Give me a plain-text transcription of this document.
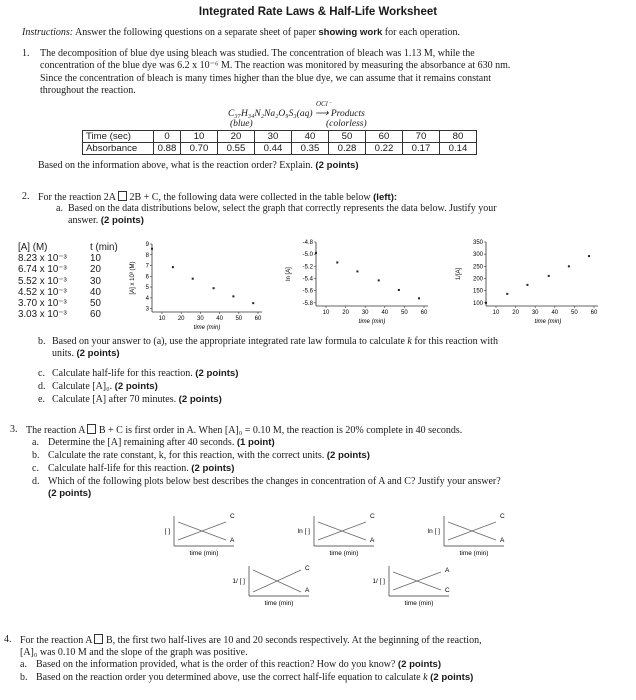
Integrated Rate Laws & Half-Life Worksheet
Instructions: Answer the following questions on a separate sheet of paper showing work for each operation.
1. The decomposition of blue dye using bleach was studied. The concentration of bleach was 1.13 M, while the
concentration of the blue dye was 6.2 x 10⁻⁶ M. The reaction was monitored by measuring the absorbance at 630 nm.
Since the concentration of bleach is many times higher than the blue dye, we can assume that it remains constant
throughout the reaction.
OCl⁻
C₃₇H₃₄N₂Na₂O₉S₃(aq) ⟶ Products
(blue)	(colorless)
Time (sec)	0	10	20	30	40	50	60	70	80
Absorbance	0.88	0.70	0.55	0.44	0.35	0.28	0.22	0.17	0.14
Based on the information above, what is the reaction order? Explain. (2 points)
2. For the reaction 2A  2B + C, the following data were collected in the table below (left):
a. Based on the data distributions below, select the graph that correctly represents the data below. Justify your
answer. (2 points)
[A] (M)	t (min)
8.23 x 10⁻³	10
6.74 x 10⁻³	20
5.52 x 10⁻³	30
4.52 x 10⁻³	40
3.70 x 10⁻³	50
3.03 x 10⁻³	60
9
8
7
6
5
4
3
10 20 30 40 50 60
time (min)
[A] x 10³ (M)
-4.8
-5.0
-5.2
-5.4
-5.6
-5.8
10 20 30 40 50 60
time (min)
ln [A]
350
300
250
200
150
100
10 20 30 40 50 60
time (min)
1/[A]
b. Based on your answer to (a), use the appropriate integrated rate law formula to calculate k for this reaction with
units. (2 points)
c. Calculate half-life for this reaction. (2 points)
d. Calculate [A]₀. (2 points)
e. Calculate [A] after 70 minutes. (2 points)
3. The reaction A  B + C is first order in A. When [A]₀ = 0.10 M, the reaction is 20% complete in 40 seconds.
a. Determine the [A] remaining after 40 seconds. (1 point)
b. Calculate the rate constant, k, for this reaction, with the correct units. (2 points)
c. Calculate half-life for this reaction. (2 points)
d. Which of the following plots below best describes the changes in concentration of A and C? Justify your answer?
(2 points)
[ ]
time (min)
C
A
ln [ ]
time (min)
C
A
ln [ ]
time (min)
C
A
1/ [ ]
time (min)
C
A
1/ [ ]
time (min)
C
A
4. For the reaction A  B, the first two half-lives are 10 and 20 seconds respectively. At the beginning of the reaction,
[A]₀ was 0.10 M and the slope of the graph was positive.
a. Based on the information provided, what is the order of this reaction? How do you know? (2 points)
b. Based on the reaction order you determined above, use the correct half-life equation to calculate k (2 points)
